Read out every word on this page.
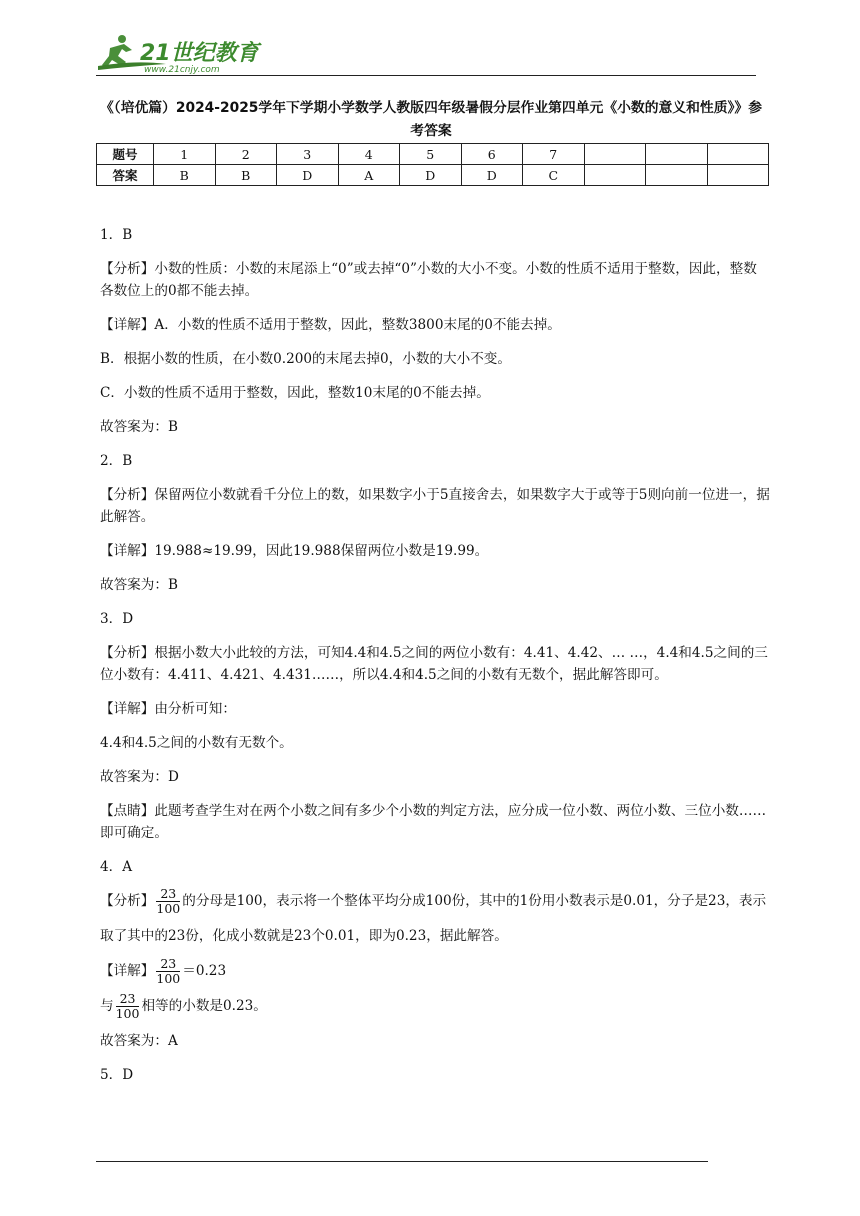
21世纪教育
www.21cnjy.com
《（培优篇）2024-2025学年下学期小学数学人教版四年级暑假分层作业第四单元《小数的意义和性质》》参考答案
题号	1	2	3	4	5	6	7			
答案	B	B	D	A	D	D	C			

1．B

【分析】小数的性质：小数的末尾添上“0”或去掉“0”小数的大小不变。小数的性质不适用于整数，因此，整数各数位上的0都不能去掉。

【详解】A．小数的性质不适用于整数，因此，整数3800末尾的0不能去掉。

B．根据小数的性质，在小数0.200的末尾去掉0，小数的大小不变。

C．小数的性质不适用于整数，因此，整数10末尾的0不能去掉。

故答案为：B

2．B

【分析】保留两位小数就看千分位上的数，如果数字小于5直接舍去，如果数字大于或等于5则向前一位进一，据此解答。

【详解】19.988≈19.99，因此19.988保留两位小数是19.99。

故答案为：B

3．D

【分析】根据小数大小此较的方法，可知4.4和4.5之间的两位小数有：4.41、4.42、… …，4.4和4.5之间的三位小数有：4.411、4.421、4.431……，所以4.4和4.5之间的小数有无数个，据此解答即可。

【详解】由分析可知：

4.4和4.5之间的小数有无数个。

故答案为：D

【点睛】此题考查学生对在两个小数之间有多少个小数的判定方法，应分成一位小数、两位小数、三位小数……即可确定。

4．A

【分析】 $\frac{23}{100}$ 的分母是100，表示将一个整体平均分成100份，其中的1份用小数表示是0.01，分子是23，表示取了其中的23份，化成小数就是23个0.01，即为0.23，据此解答。

【详解】 $\frac{23}{100} =0.23$

与 $\frac{23}{100}$ 相等的小数是0.23。

故答案为：A

5．D
